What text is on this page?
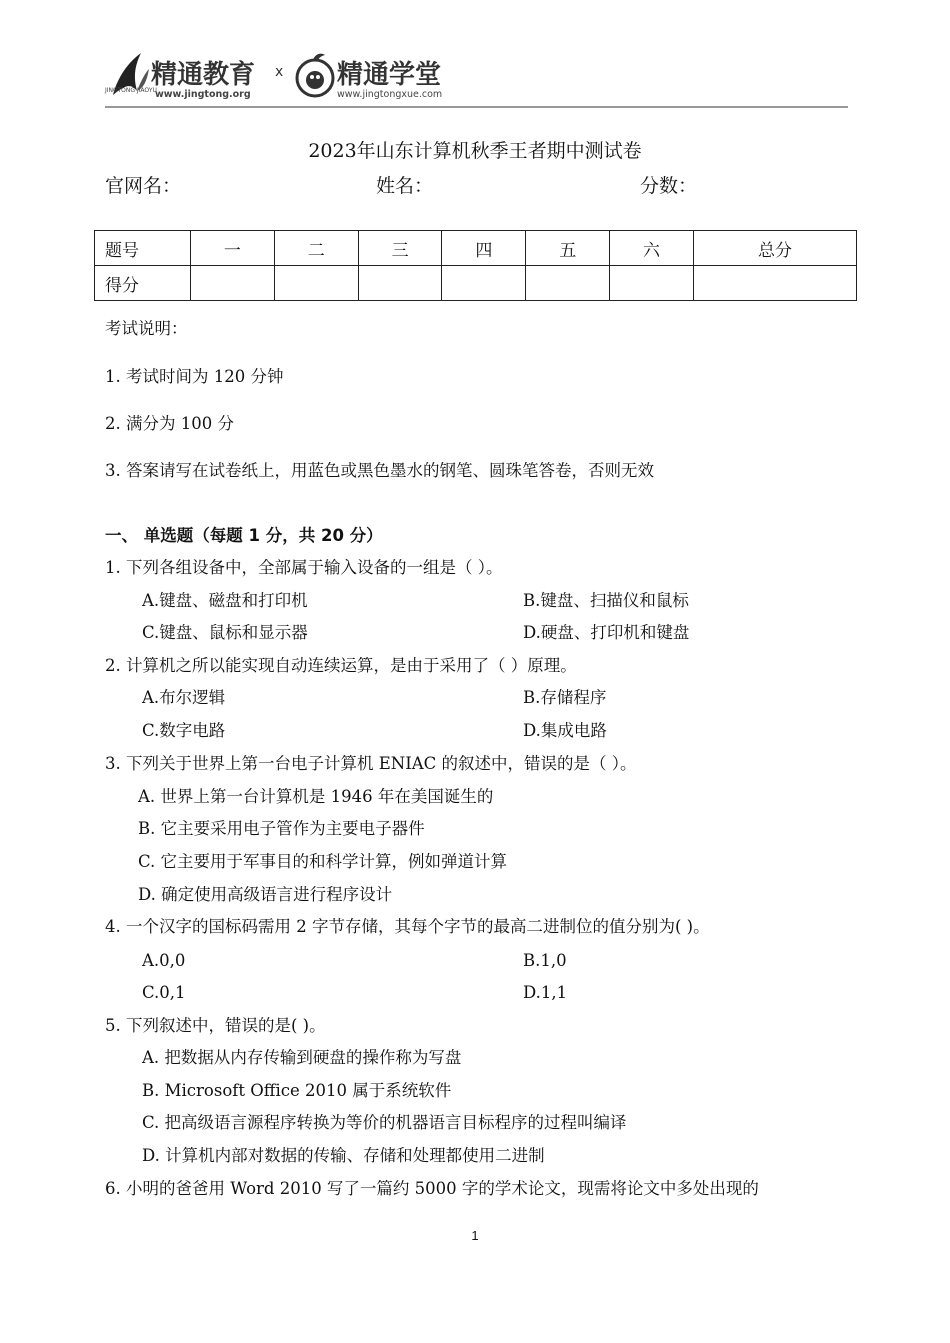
精通教育
JINGTONG JIAOYU
www.jingtong.org
x 精通学堂
www.jingtongxue.com
2023年山东计算机秋季王者期中测试卷
官网名：	姓名：	分数：
题号	一	二	三	四	五	六	总分
得分							
考试说明：
1. 考试时间为 120 分钟
2. 满分为 100 分
3. 答案请写在试卷纸上，用蓝色或黑色墨水的钢笔、圆珠笔答卷，否则无效
一、 单选题（每题 1 分，共 20 分）
1. 下列各组设备中，全部属于输入设备的一组是（ ）。
A.键盘、磁盘和打印机	B.键盘、扫描仪和鼠标
C.键盘、鼠标和显示器	D.硬盘、打印机和键盘
2. 计算机之所以能实现自动连续运算，是由于采用了（ ）原理。
A.布尔逻辑	B.存储程序
C.数字电路	D.集成电路
3. 下列关于世界上第一台电子计算机 ENIAC 的叙述中，错误的是（ ）。
A. 世界上第一台计算机是 1946 年在美国诞生的
B. 它主要采用电子管作为主要电子器件
C. 它主要用于军事目的和科学计算，例如弹道计算
D. 确定使用高级语言进行程序设计
4. 一个汉字的国标码需用 2 字节存储，其每个字节的最高二进制位的值分别为( )。
A.0,0	B.1,0
C.0,1	D.1,1
5. 下列叙述中，错误的是( )。
A. 把数据从内存传输到硬盘的操作称为写盘
B. Microsoft Office 2010 属于系统软件
C. 把高级语言源程序转换为等价的机器语言目标程序的过程叫编译
D. 计算机内部对数据的传输、存储和处理都使用二进制
6. 小明的爸爸用 Word 2010 写了一篇约 5000 字的学术论文，现需将论文中多处出现的
1
